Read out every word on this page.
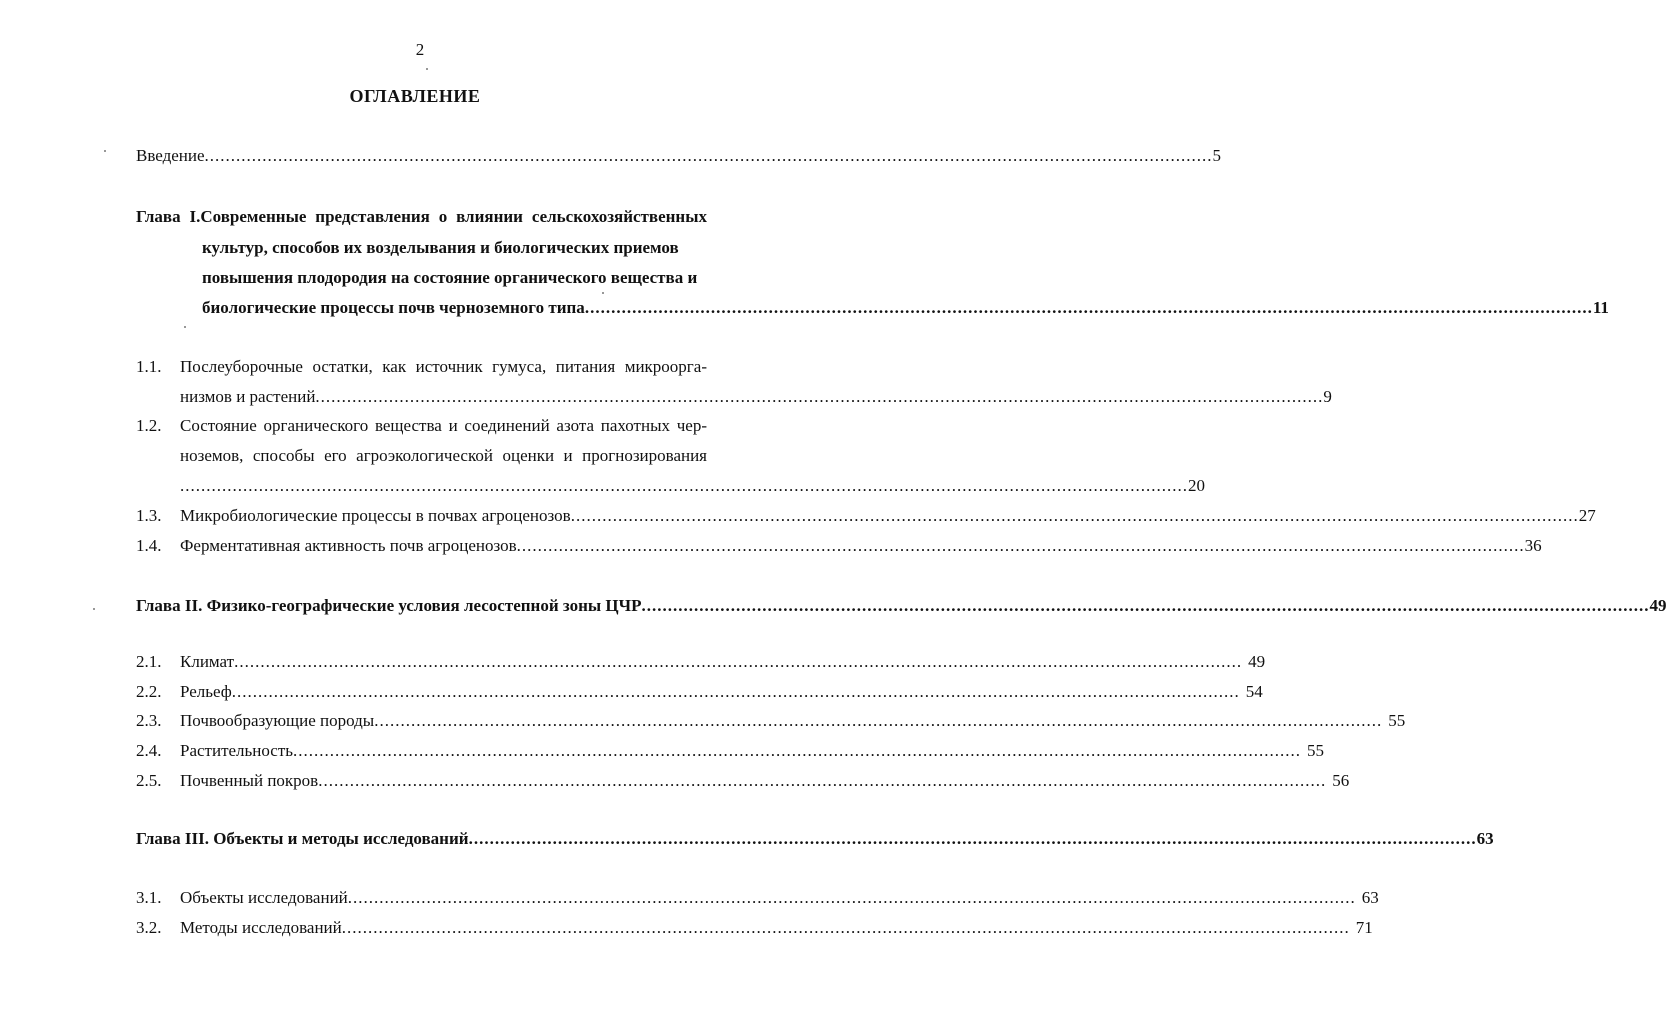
2
ОГЛАВЛЕНИЕ
Введение ................................................................................................................................................................................................ 5
Глава I.Современные представления о влиянии сельскохозяйственных
культур, способов их возделывания и биологических приемов
повышения плодородия на состояние органического вещества и
биологические процессы почв черноземного типа ................................................................................................................................................................................................ 11
1.1. Послеуборочные остатки, как источник гумуса, питания микроорга-
низмов и растений ................................................................................................................................................................................................ 9
1.2. Состояние органического вещества и соединений азота пахотных чер-
ноземов, способы его агроэкологической оценки и прогнозирования
................................................................................................................................................................................................ 20
1.3. Микробиологические процессы в почвах агроценозов ................................................................................................................................................................................................ 27
1.4. Ферментативная активность почв агроценозов ................................................................................................................................................................................................ 36
Глава II. Физико-географические условия лесостепной зоны ЦЧР ................................................................................................................................................................................................ 49
2.1. Климат ................................................................................................................................................................................................ 49
2.2. Рельеф ................................................................................................................................................................................................ 54
2.3. Почвообразующие породы ................................................................................................................................................................................................ 55
2.4. Растительность ................................................................................................................................................................................................ 55
2.5. Почвенный покров ................................................................................................................................................................................................ 56
Глава III. Объекты и методы исследований ................................................................................................................................................................................................ 63
3.1. Объекты исследований ................................................................................................................................................................................................ 63
3.2. Методы исследований ................................................................................................................................................................................................ 71
